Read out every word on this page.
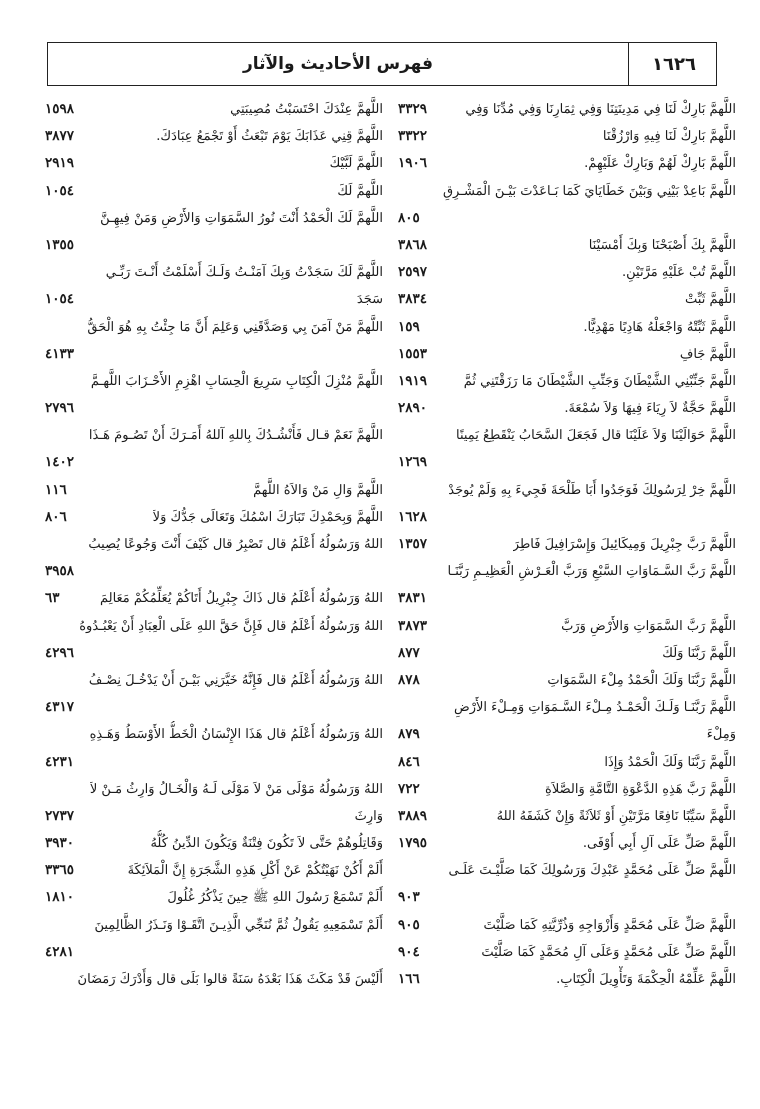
فهرس الأحاديث والآثار	١٦٢٦
اللَّهمَّ بَارِكْ لَنَا فِي مَدِينَتِنَا وَفِي ثِمَارِنَا وَفِي مُدِّنَا وَفِي
٣٣٢٩
اللَّهمَّ بَارِكْ لَنَا فِيهِ وَارْزُقْنَا
٣٣٢٢
اللَّهمَّ بَارِكْ لَهُمْ وَبَارِكْ عَلَيْهِمْ.
١٩٠٦
اللَّهمَّ بَاعِدْ بَيْنِي وَبَيْنَ خَطَايَايَ كَمَا بَـاعَدْتَ بَيْـنَ الْمَشْـرِقِ
٨٠٥
اللَّهمَّ بِكَ أَصْبَحْنَا وَبِكَ أَمْسَيْنَا
٣٨٦٨
اللَّهمَّ تُبْ عَلَيْهِ مَرَّتَيْنِ.
٢٥٩٧
اللَّهمَّ ثَبِّتْ
٣٨٣٤
اللَّهمَّ ثَبِّتْهُ وَاجْعَلْهُ هَادِيًا مَهْدِيًّا.
١٥٩
اللَّهمَّ جَافِ
١٥٥٣
اللَّهمَّ جَنِّبْنِي الشَّيْطَانَ وَجَنِّبِ الشَّيْطَانَ مَا رَزَقْتَنِي ثُمَّ
١٩١٩
اللَّهمَّ حَجَّةٌ لاَ رِيَاءَ فِيهَا وَلاَ سُمْعَةَ.
٢٨٩٠
اللَّهمَّ حَوَالَيْنَا وَلاَ عَلَيْنَا قال فَجَعَلَ السَّحَابُ يَنْقَطِعُ يَمِينًا
١٢٦٩
اللَّهمَّ خِرْ لِرَسُولِكَ فَوَجَدُوا أَبَا طَلْحَةَ فَجِيءَ بِهِ وَلَمْ يُوجَدْ
١٦٢٨
اللَّهمَّ رَبَّ جِبْرِيلَ وَمِيكَائِيلَ وَإِسْرَافِيلَ فَاطِرَ
١٣٥٧
اللَّهمَّ رَبَّ السَّـمَاوَاتِ السَّبْعِ وَرَبَّ الْعَـرْشِ الْعَظِيـمِ رَبَّنَـا
٣٨٣١
اللَّهمَّ رَبَّ السَّمَوَاتِ وَالأَرْضِ وَرَبَّ
٣٨٧٣
اللَّهمَّ رَبَّنَا وَلَكَ
٨٧٧
اللَّهمَّ رَبَّنَا وَلَكَ الْحَمْدُ مِلْءَ السَّمَوَاتِ
٨٧٨
اللَّهمَّ رَبَّنَـا وَلَـكَ الْحَمْـدُ مِـلْءَ السَّـمَوَاتِ وَمِـلْءَ الأَرْضِ
وَمِلْءَ
٨٧٩
اللَّهمَّ رَبَّنَا وَلَكَ الْحَمْدُ وَإِذَا
٨٤٦
اللَّهمَّ رَبَّ هَذِهِ الدَّعْوَةِ التَّامَّةِ وَالصَّلاَةِ
٧٢٢
اللَّهمَّ سَيِّبًا نَافِعًا مَرَّتَيْنِ أَوْ ثَلاَثَةً وَإِنْ كَشَفَهُ اللهُ
٣٨٨٩
اللَّهمَّ صَلِّ عَلَى آلِ أَبِي أَوْفَى.
١٧٩٥
اللَّهمَّ صَلِّ عَلَى مُحَمَّدٍ عَبْدِكَ وَرَسُولِكَ كَمَا صَلَّيْـتَ عَلَـى
٩٠٣
اللَّهمَّ صَلِّ عَلَى مُحَمَّدٍ وَأَزْوَاجِهِ وَذُرِّيَّتِهِ كَمَا صَلَّيْتَ
٩٠٥
اللَّهمَّ صَلِّ عَلَى مُحَمَّدٍ وَعَلَى آلِ مُحَمَّدٍ كَمَا صَلَّيْتَ
٩٠٤
اللَّهمَّ عَلِّمْهُ الْحِكْمَةَ وَتَأْوِيلَ الْكِتَابِ.
١٦٦
اللَّهمَّ عِنْدَكَ احْتَسَبْتُ مُصِيبَتِي
١٥٩٨
اللَّهمَّ قِنِي عَذَابَكَ يَوْمَ تَبْعَثُ أَوْ تَجْمَعُ عِبَادَكَ.
٣٨٧٧
اللَّهمَّ لَبَّيْكَ
٢٩١٩
اللَّهمَّ لَكَ
١٠٥٤
اللَّهمَّ لَكَ الْحَمْدُ أَنْتَ نُورُ السَّمَوَاتِ وَالأَرْضِ وَمَنْ فِيهِـنَّ
١٣٥٥
اللَّهمَّ لَكَ سَجَدْتُ وَبِكَ آمَنْـتُ وَلَـكَ أَسْلَمْتُ أَنْـتَ رَبِّـي
سَجَدَ
١٠٥٤
اللَّهمَّ مَنْ آمَنَ بِي وَصَدَّقَنِي وَعَلِمَ أَنَّ مَا جِئْتُ بِهِ هُوَ الْحَقُّ
٤١٣٣
اللَّهمَّ مُنْزِلَ الْكِتَابِ سَرِيعَ الْحِسَابِ اهْزِمِ الأَحْـزَابَ اللَّهـمَّ
٢٧٩٦
اللَّهمَّ نَعَمْ قـال فَأَنْشُـدُكَ بِاللهِ آللهُ أَمَـرَكَ أَنْ تَصُـومَ هَـذَا
١٤٠٢
اللَّهمَّ وَالِ مَنْ وَالاَهُ اللَّهمَّ
١١٦
اللَّهمَّ وَبِحَمْدِكَ تَبَارَكَ اسْمُكَ وَتَعَالَى جَدُّكَ وَلاَ
٨٠٦
اللهُ وَرَسُولُهُ أَعْلَمُ قال تَصْبِرُ قال كَيْفَ أَنْتَ وَجُوعًا يُصِيبُ
٣٩٥٨
اللهُ وَرَسُولُهُ أَعْلَمُ قال ذَاكَ جِبْرِيلُ أَتَاكُمْ يُعَلِّمُكُمْ مَعَالِمَ
٦٣
اللهُ وَرَسُولُهُ أَعْلَمُ قال فَإِنَّ حَقَّ اللهِ عَلَى الْعِبَادِ أَنْ يَعْبُـدُوهُ
٤٢٩٦
اللهُ وَرَسُولُهُ أَعْلَمُ قال فَإِنَّهُ خَيَّرَنِي بَيْـنَ أَنْ يَدْخُـلَ نِصْـفُ
٤٣١٧
اللهُ وَرَسُولُهُ أَعْلَمُ قال هَذَا الإِنْسَانُ الْخَطُّ الأَوْسَطُ وَهَـذِهِ
٤٢٣١
اللهُ وَرَسُولُهُ مَوْلَى مَنْ لاَ مَوْلَى لَـهُ وَالْخَـالُ وَارِثُ مَـنْ لاَ
وَارِثَ
٢٧٣٧
وَقَاتِلُوهُمْ حَتَّى لاَ تَكُونَ فِتْنَةٌ وَيَكُونَ الدِّينُ كُلُّهُ
٣٩٣٠
أَلَمْ أَكُنْ نَهَيْتُكُمْ عَنْ أَكْلِ هَذِهِ الشَّجَرَةِ إِنَّ الْمَلاَئِكَةَ
٣٣٦٥
أَلَمْ تَسْمَعْ رَسُولَ اللهِ ﷺ حِينَ يَذْكُرُ غُلُولَ
١٨١٠
أَلَمْ تَسْمَعِيهِ يَقُولُ ثُمَّ نُنَجِّي الَّذِيـنَ اتَّقَـوْا وَنَـذَرُ الظَّالِمِينَ
٤٢٨١
أَلَيْسَ قَدْ مَكَثَ هَذَا بَعْدَهُ سَنَةً قالوا بَلَى قال وَأَدْرَكَ رَمَضَانَ
